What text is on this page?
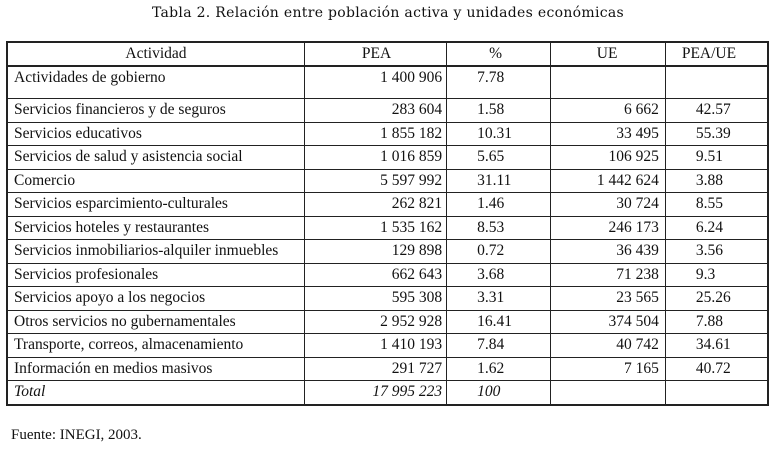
Tabla 2. Relación entre población activa y unidades económicas
Actividad	PEA	%	UE	PEA/UE
Actividades de gobierno	1 400 906	7.78		
Servicios financieros y de seguros	283 604	1.58	6 662	42.57
Servicios educativos	1 855 182	10.31	33 495	55.39
Servicios de salud y asistencia social	1 016 859	5.65	106 925	9.51
Comercio	5 597 992	31.11	1 442 624	3.88
Servicios esparcimiento-culturales	262 821	1.46	30 724	8.55
Servicios hoteles y restaurantes	1 535 162	8.53	246 173	6.24
Servicios inmobiliarios-alquiler inmuebles	129 898	0.72	36 439	3.56
Servicios profesionales	662 643	3.68	71 238	9.3
Servicios apoyo a los negocios	595 308	3.31	23 565	25.26
Otros servicios no gubernamentales	2 952 928	16.41	374 504	7.88
Transporte, correos, almacenamiento	1 410 193	7.84	40 742	34.61
Información en medios masivos	291 727	1.62	7 165	40.72
Total	17 995 223	100		
Fuente: INEGI, 2003.
